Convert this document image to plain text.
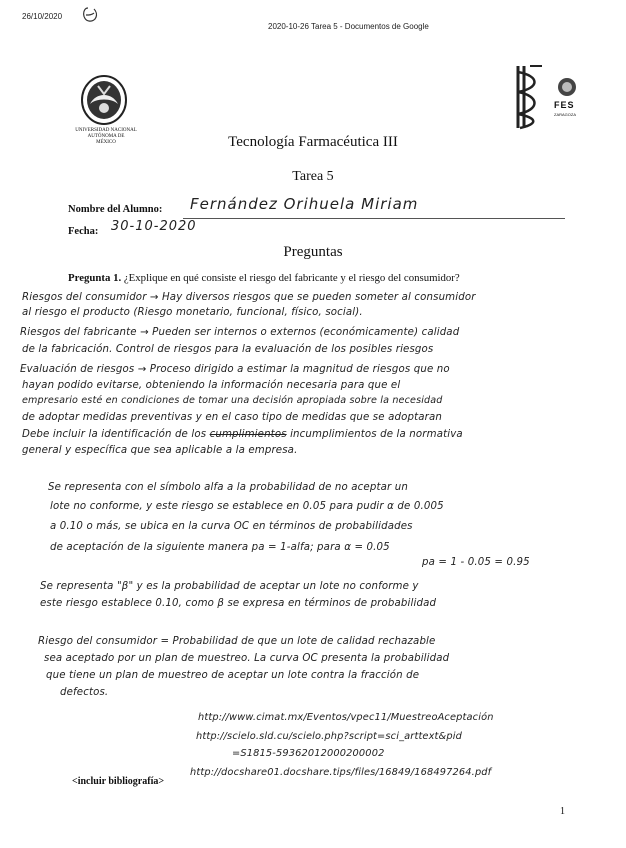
26/10/2020
2020-10-26 Tarea 5 - Documentos de Google
UNIVERSIDAD NACIONAL
AUTÓNOMA DE
MÉXICO
FES
ZARAGOZA
Tecnología Farmacéutica III
Tarea 5
Nombre del Alumno: Fernández Orihuela Miriam
Fecha: 30-10-2020
Preguntas
Pregunta 1. ¿Explique en qué consiste el riesgo del fabricante y el riesgo del consumidor?
Riesgos del consumidor → Hay diversos riesgos que se pueden someter al consumidor
al riesgo el producto (Riesgo monetario, funcional, físico, social).
Riesgos del fabricante → Pueden ser internos o externos (económicamente) calidad
de la fabricación. Control de riesgos para la evaluación de los posibles riesgos
Evaluación de riesgos → Proceso dirigido a estimar la magnitud de riesgos que no
hayan podido evitarse, obteniendo la información necesaria para que el
empresario esté en condiciones de tomar una decisión apropiada sobre la necesidad
de adoptar medidas preventivas y en el caso tipo de medidas que se adoptaran
Debe incluir la identificación de los cumplimientos incumplimientos de la normativa
general y específica que sea aplicable a la empresa.
Se representa con el símbolo alfa a la probabilidad de no aceptar un
lote no conforme, y este riesgo se establece en 0.05 para pudir α de 0.005
a 0.10 o más, se ubica en la curva OC en términos de probabilidades
de aceptación de la siguiente manera pa = 1-alfa; para α = 0.05
pa = 1 - 0.05 = 0.95
Se representa "β" y es la probabilidad de aceptar un lote no conforme y
este riesgo establece 0.10, como β se expresa en términos de probabilidad
Riesgo del consumidor = Probabilidad de que un lote de calidad rechazable
sea aceptado por un plan de muestreo. La curva OC presenta la probabilidad
que tiene un plan de muestreo de aceptar un lote contra la fracción de
defectos.
http://www.cimat.mx/Eventos/vpec11/MuestreoAceptación
http://scielo.sld.cu/scielo.php?script=sci_arttext&pid
=S1815-59362012000200002
<incluir bibliografía>
http://docshare01.docshare.tips/files/16849/168497264.pdf
1
